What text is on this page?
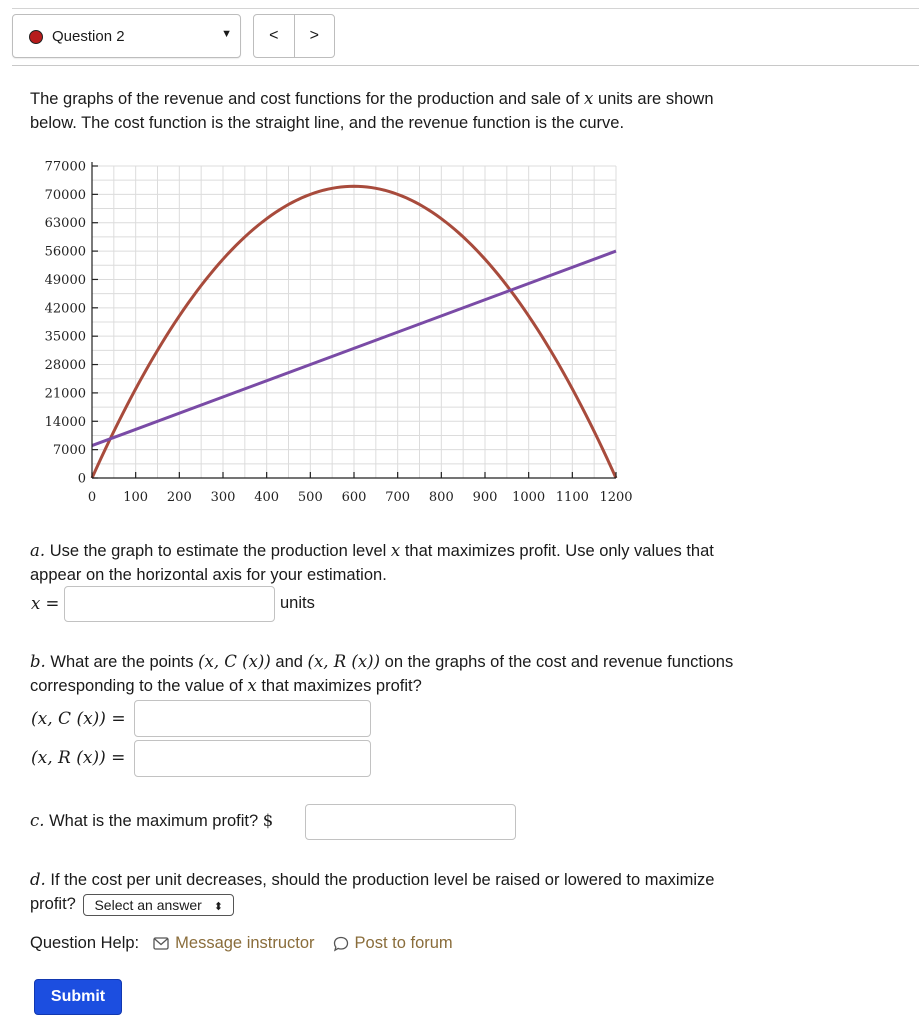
Question 2	▼	<	>
The graphs of the revenue and cost functions for the production and sale of x units are shown
below. The cost function is the straight line, and the revenue function is the curve.
0
7000
14000
21000
28000
35000
42000
49000
56000
63000
70000
77000
0 100 200 300 400 500 600 700 800 900 1000 1100 1200
a. Use the graph to estimate the production level x that maximizes profit. Use only values that
appear on the horizontal axis for your estimation.
x =	units
b. What are the points (x, C (x)) and (x, R (x)) on the graphs of the cost and revenue functions
corresponding to the value of x that maximizes profit?
(x, C (x)) =
(x, R (x)) =
c. What is the maximum profit? $
d. If the cost per unit decreases, should the production level be raised or lowered to maximize
profit? Select an answer ⬍
Question Help: Message instructor Post to forum
Submit
